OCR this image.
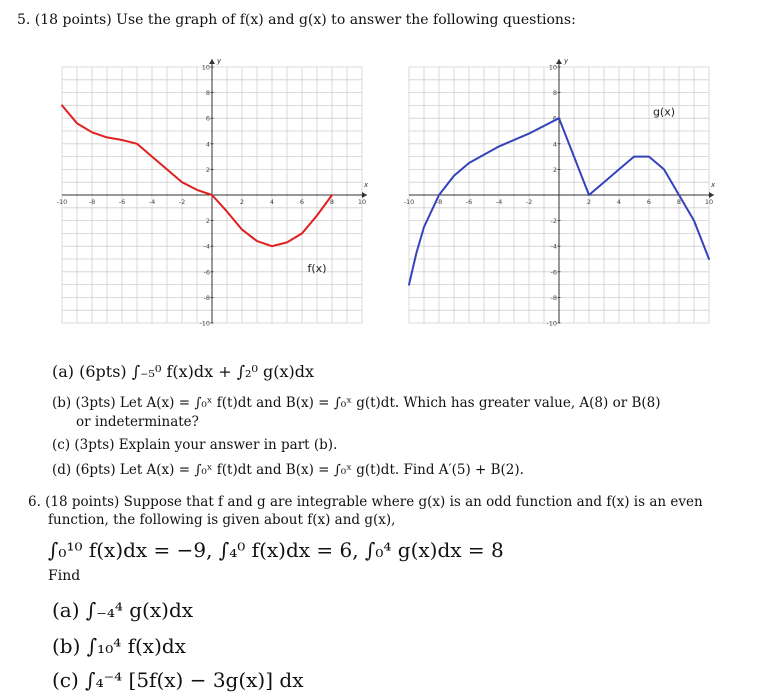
5. (18 points) Use the graph of f(x) and g(x) to answer the following questions:
x
y
-10	-8	-6	-4	-2	2	4	6	8	10
10
8
6
4
2
2
-4
-6
-8
-10
f(x)
x
y
-10	-8	-6	-4	-2	2	4	6	8	10
10
8
6
4
2
-2
-4
-6
-8
-10
g(x)
(a) (6pts) ∫₋₅⁰ f(x)dx + ∫₂⁰ g(x)dx
(b) (3pts) Let A(x) = ∫₀ˣ f(t)dt and B(x) = ∫₀ˣ g(t)dt. Which has greater value, A(8) or B(8)
or indeterminate?
(c) (3pts) Explain your answer in part (b).
(d) (6pts) Let A(x) = ∫₀ˣ f(t)dt and B(x) = ∫₀ˣ g(t)dt. Find A′(5) + B(2).
6. (18 points) Suppose that f and g are integrable where g(x) is an odd function and f(x) is an even
function, the following is given about f(x) and g(x),
∫₀¹⁰ f(x)dx = −9, ∫₄⁰ f(x)dx = 6, ∫₀⁴ g(x)dx = 8
Find
(a) ∫₋₄⁴ g(x)dx
(b) ∫₁₀⁴ f(x)dx
(c) ∫₄⁻⁴ [5f(x) − 3g(x)] dx
